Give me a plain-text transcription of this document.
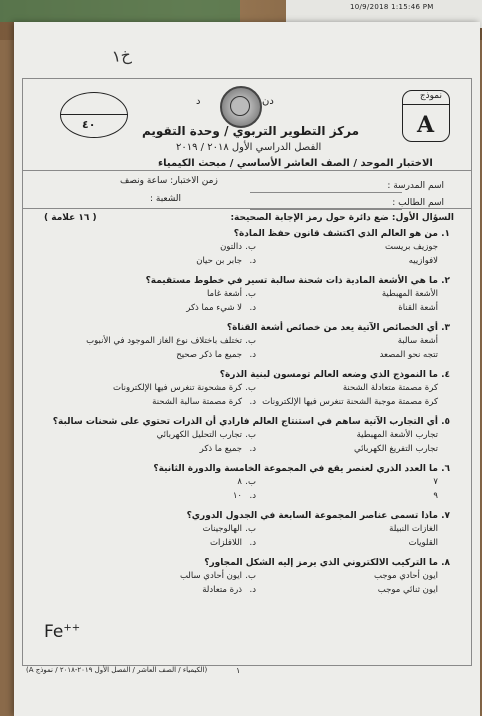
10/9/2018 1:15:46 PM
خ١
نموذج
A
٤٠
د	دن
مركز التطوير التربوي / وحدة التقويم
الفصل الدراسي الأول ٢٠١٨ / ٢٠١٩
الاختبار الموحد / الصف العاشر الأساسي / مبحث الكيمياء
اسم المدرسة :
اسم الطالب :
زمن الاختبار: ساعة ونصف
الشعبة :
السؤال الأول: ضع دائرة حول رمز الإجابة الصحيحة:
( ١٦ علامة )
١.
من هو العالم الذي اكتشف قانون حفظ المادة؟
جوزيف بريست
ب.
دالتون
لافوازييه
د.
جابر بن حيان
٢.
ما هي الأشعة المادية ذات شحنة سالبة تسير في خطوط مستقيمة؟
الأشعة المهبطية
ب.
أشعة غاما
أشعة القناة
د.
لا شيء مما ذكر
٣.
أي الخصائص الآتية يعد من خصائص أشعة القناة؟
أشعة سالبة
ب.
تختلف باختلاف نوع الغاز الموجود في الأنبوب
تتجه نحو المصعد
د.
جميع ما ذكر صحيح
٤.
ما النموذج الذي وضعه العالم تومسون لبنية الذرة؟
كرة مصمتة متعادلة الشحنة
ب.
كرة مشحونة تنغرس فيها الإلكترونات
كرة مصمتة موجبة الشحنة تنغرس فيها الإلكترونات
د.
كرة مصمتة سالبة الشحنة
٥.
أي التجارب الآتية ساهم في استنتاج العالم فارادي أن الذرات تحتوي على شحنات سالبة؟
تجارب الأشعة المهبطية
ب.
تجارب التحليل الكهربائي
تجارب التفريغ الكهربائي
د.
جميع ما ذكر
٦.
ما العدد الذري لعنصر يقع في المجموعة الخامسة والدورة الثانية؟
٧
ب.
٨
٩
د.
١٠
٧.
ماذا تسمى عناصر المجموعة السابعة في الجدول الدوري؟
الغازات النبيلة
ب.
الهالوجينات
القلويات
د.
اللافلزات
٨.
ما التركيب الالكتروني الذي يرمز إليه الشكل المجاور؟
ايون أحادي موجب
ب.
ايون أحادي سالب
ايون ثنائي موجب
د.
ذرة متعادلة
Fe++
(الكيمياء / الصف العاشر / الفصل الأول ٢٠١٩-٢٠١٨ / نموذج A)	١
